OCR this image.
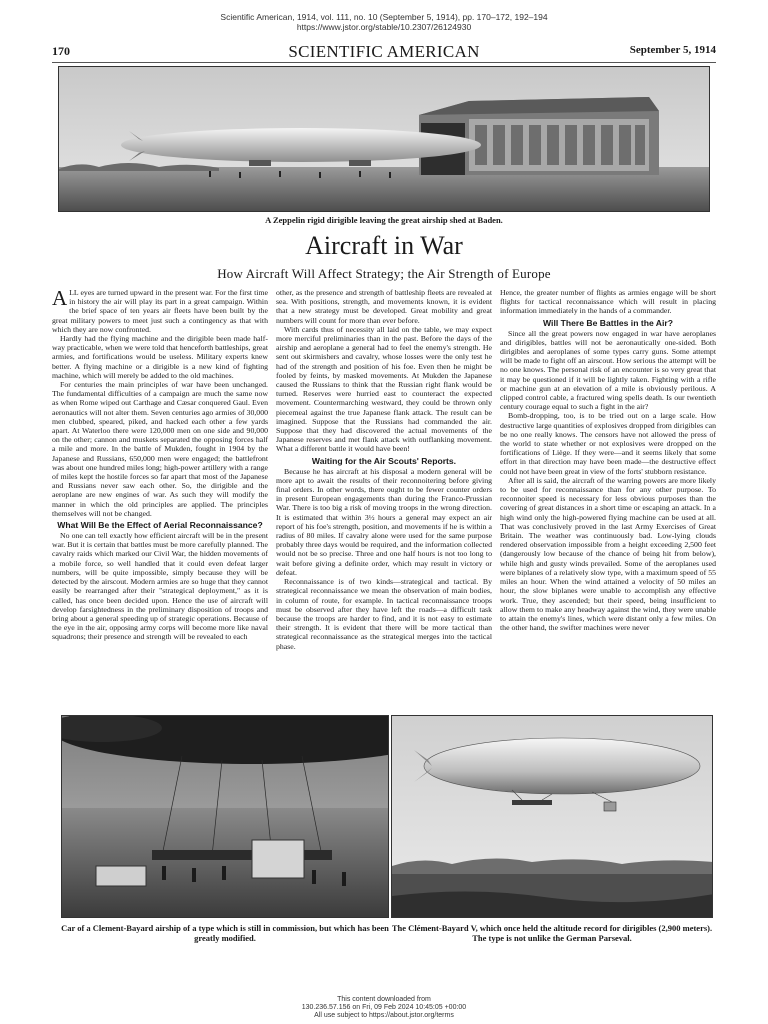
Scientific American, 1914, vol. 111, no. 10 (September 5, 1914), pp. 170–172, 192–194
https://www.jstor.org/stable/10.2307/26124930
170	SCIENTIFIC AMERICAN	September 5, 1914
A Zeppelin rigid dirigible leaving the great airship shed at Baden.
Aircraft in War
How Aircraft Will Affect Strategy; the Air Strength of Europe

ALL eyes are turned upward in the present war. For the first time in history the air will play its part in a great campaign. Within the brief space of ten years air fleets have been built by the great military powers to meet just such a contingency as that with which they are now confronted.

Hardly had the flying machine and the dirigible been made half-way practicable, when we were told that henceforth battleships, great armies, and fortifications would be useless. Military experts knew better. A flying machine or a dirigible is a new kind of fighting machine, which will merely be added to the old machines.

For centuries the main principles of war have been unchanged. The fundamental difficulties of a campaign are much the same now as when Rome wiped out Carthage and Cæsar conquered Gaul. Even aeronautics will not alter them. Seven centuries ago armies of 30,000 men clubbed, speared, piked, and hacked each other a few yards apart. At Waterloo there were 120,000 men on one side and 90,000 on the other; cannon and muskets separated the opposing forces half a mile and more. In the battle of Mukden, fought in 1904 by the Japanese and Russians, 650,000 men were engaged; the battlefront was about one hundred miles long; high-power artillery with a range of miles kept the hostile forces so far apart that most of the Japanese and Russians never saw each other. So, the dirigible and the aeroplane are new engines of war. As such they will modify the manner in which the old principles are applied. The principles themselves will not be changed.

What Will Be the Effect of Aerial Reconnaissance?

No one can tell exactly how efficient aircraft will be in the present war. But it is certain that battles must be more carefully planned. The cavalry raids which marked our Civil War, the hidden movements of a mobile force, so well handled that it could even defeat larger numbers, will be quite impossible, simply because they will be detected by the airscout. Modern armies are so huge that they cannot easily be rearranged after their "strategical deployment," as it is called, has once been decided upon. Hence the use of aircraft will develop farsightedness in the preliminary disposition of troops and bring about a general speeding up of strategic operations. Because of the eye in the air, opposing army corps will become more like naval squadrons; their presence and strength will be revealed to each

other, as the presence and strength of battleship fleets are revealed at sea. With positions, strength, and movements known, it is evident that a new strategy must be developed. Great mobility and great numbers will count for more than ever before.

With cards thus of necessity all laid on the table, we may expect more merciful preliminaries than in the past. Before the days of the airship and aeroplane a general had to feel the enemy's strength. He sent out skirmishers and cavalry, whose losses were the only test he had of the strength and position of his foe. Even then he might be fooled by feints, by masked movements. At Mukden the Japanese caused the Russians to think that the Russian right flank would be turned. Reserves were hurried east to counteract the expected movement. Countermarching westward, they could be thrown only piecemeal against the true Japanese flank attack. The result can be imagined. Suppose that the Russians had commanded the air. Suppose that they had discovered the actual movements of the Japanese reserves and met flank attack with outflanking movement. What a different battle it would have been!

Waiting for the Air Scouts' Reports.

Because he has aircraft at his disposal a modern general will be more apt to await the results of their reconnoitering before giving final orders. In other words, there ought to be fewer counter orders in present European engagements than during the Franco-Prussian War. There is too big a risk of moving troops in the wrong direction. It is estimated that within 3½ hours a general may expect an air report of his foe's strength, position, and movements if he is within a radius of 80 miles. If cavalry alone were used for the same purpose probably three days would be required, and the information collected would not be so precise. Three and one half hours is not too long to wait before giving a definite order, which may result in victory or defeat.

Reconnaissance is of two kinds—strategical and tactical. By strategical reconnaissance we mean the observation of main bodies, in column of route, for example. In tactical reconnaissance troops must be observed after they have left the roads—a difficult task because the troops are harder to find, and it is not easy to estimate their strength. It is evident that there will be more tactical than strategical reconnaissance as the strategical merges into the tactical phase.

Hence, the greater number of flights as armies engage will be short flights for tactical reconnaissance which will result in placing information immediately in the hands of a commander.

Will There Be Battles in the Air?

Since all the great powers now engaged in war have aeroplanes and dirigibles, battles will not be aeronautically one-sided. Both dirigibles and aeroplanes of some types carry guns. Some attempt will be made to fight off an airscout. How serious the attempt will be no one knows. The personal risk of an encounter is so very great that it may be questioned if it will be lightly taken. Fighting with a rifle or machine gun at an elevation of a mile is obviously perilous. A clipped control cable, a fractured wing spells death. Is our twentieth century courage equal to such a fight in the air?

Bomb-dropping, too, is to be tried out on a large scale. How destructive large quantities of explosives dropped from dirigibles can be no one really knows. The censors have not allowed the press of the world to state whether or not explosives were dropped on the fortifications of Liège. If they were—and it seems likely that some effort in that direction may have been made—the destructive effect could not have been great in view of the forts' stubborn resistance.

After all is said, the aircraft of the warring powers are more likely to be used for reconnaissance than for any other purpose. To reconnoiter speed is necessary for less obvious purposes than the covering of great distances in a short time or escaping an attack. In a high wind only the high-powered flying machine can be used at all. That was conclusively proved in the last Army Exercises of Great Britain. The weather was continuously bad. Low-lying clouds rendered observation impossible from a height exceeding 2,500 feet (dangerously low because of the chance of being hit from below), while high and gusty winds prevailed. Some of the aeroplanes used were biplanes of a relatively slow type, with a maximum speed of 55 miles an hour. When the wind attained a velocity of 50 miles an hour, the slow biplanes were unable to accomplish any effective work. True, they ascended; but their speed, being insufficient to allow them to make any headway against the wind, they were unable to attain the enemy's lines, which were distant only a few miles. On the other hand, the swifter machines were never

Car of a Clement-Bayard airship of a type which is still in commission, but which has been greatly modified.
The Clément-Bayard V, which once held the altitude record for dirigibles (2,900 meters). The type is not unlike the German Parseval.
This content downloaded from
130.236.57.156 on Fri, 09 Feb 2024 10:45:05 +00:00
All use subject to https://about.jstor.org/terms
